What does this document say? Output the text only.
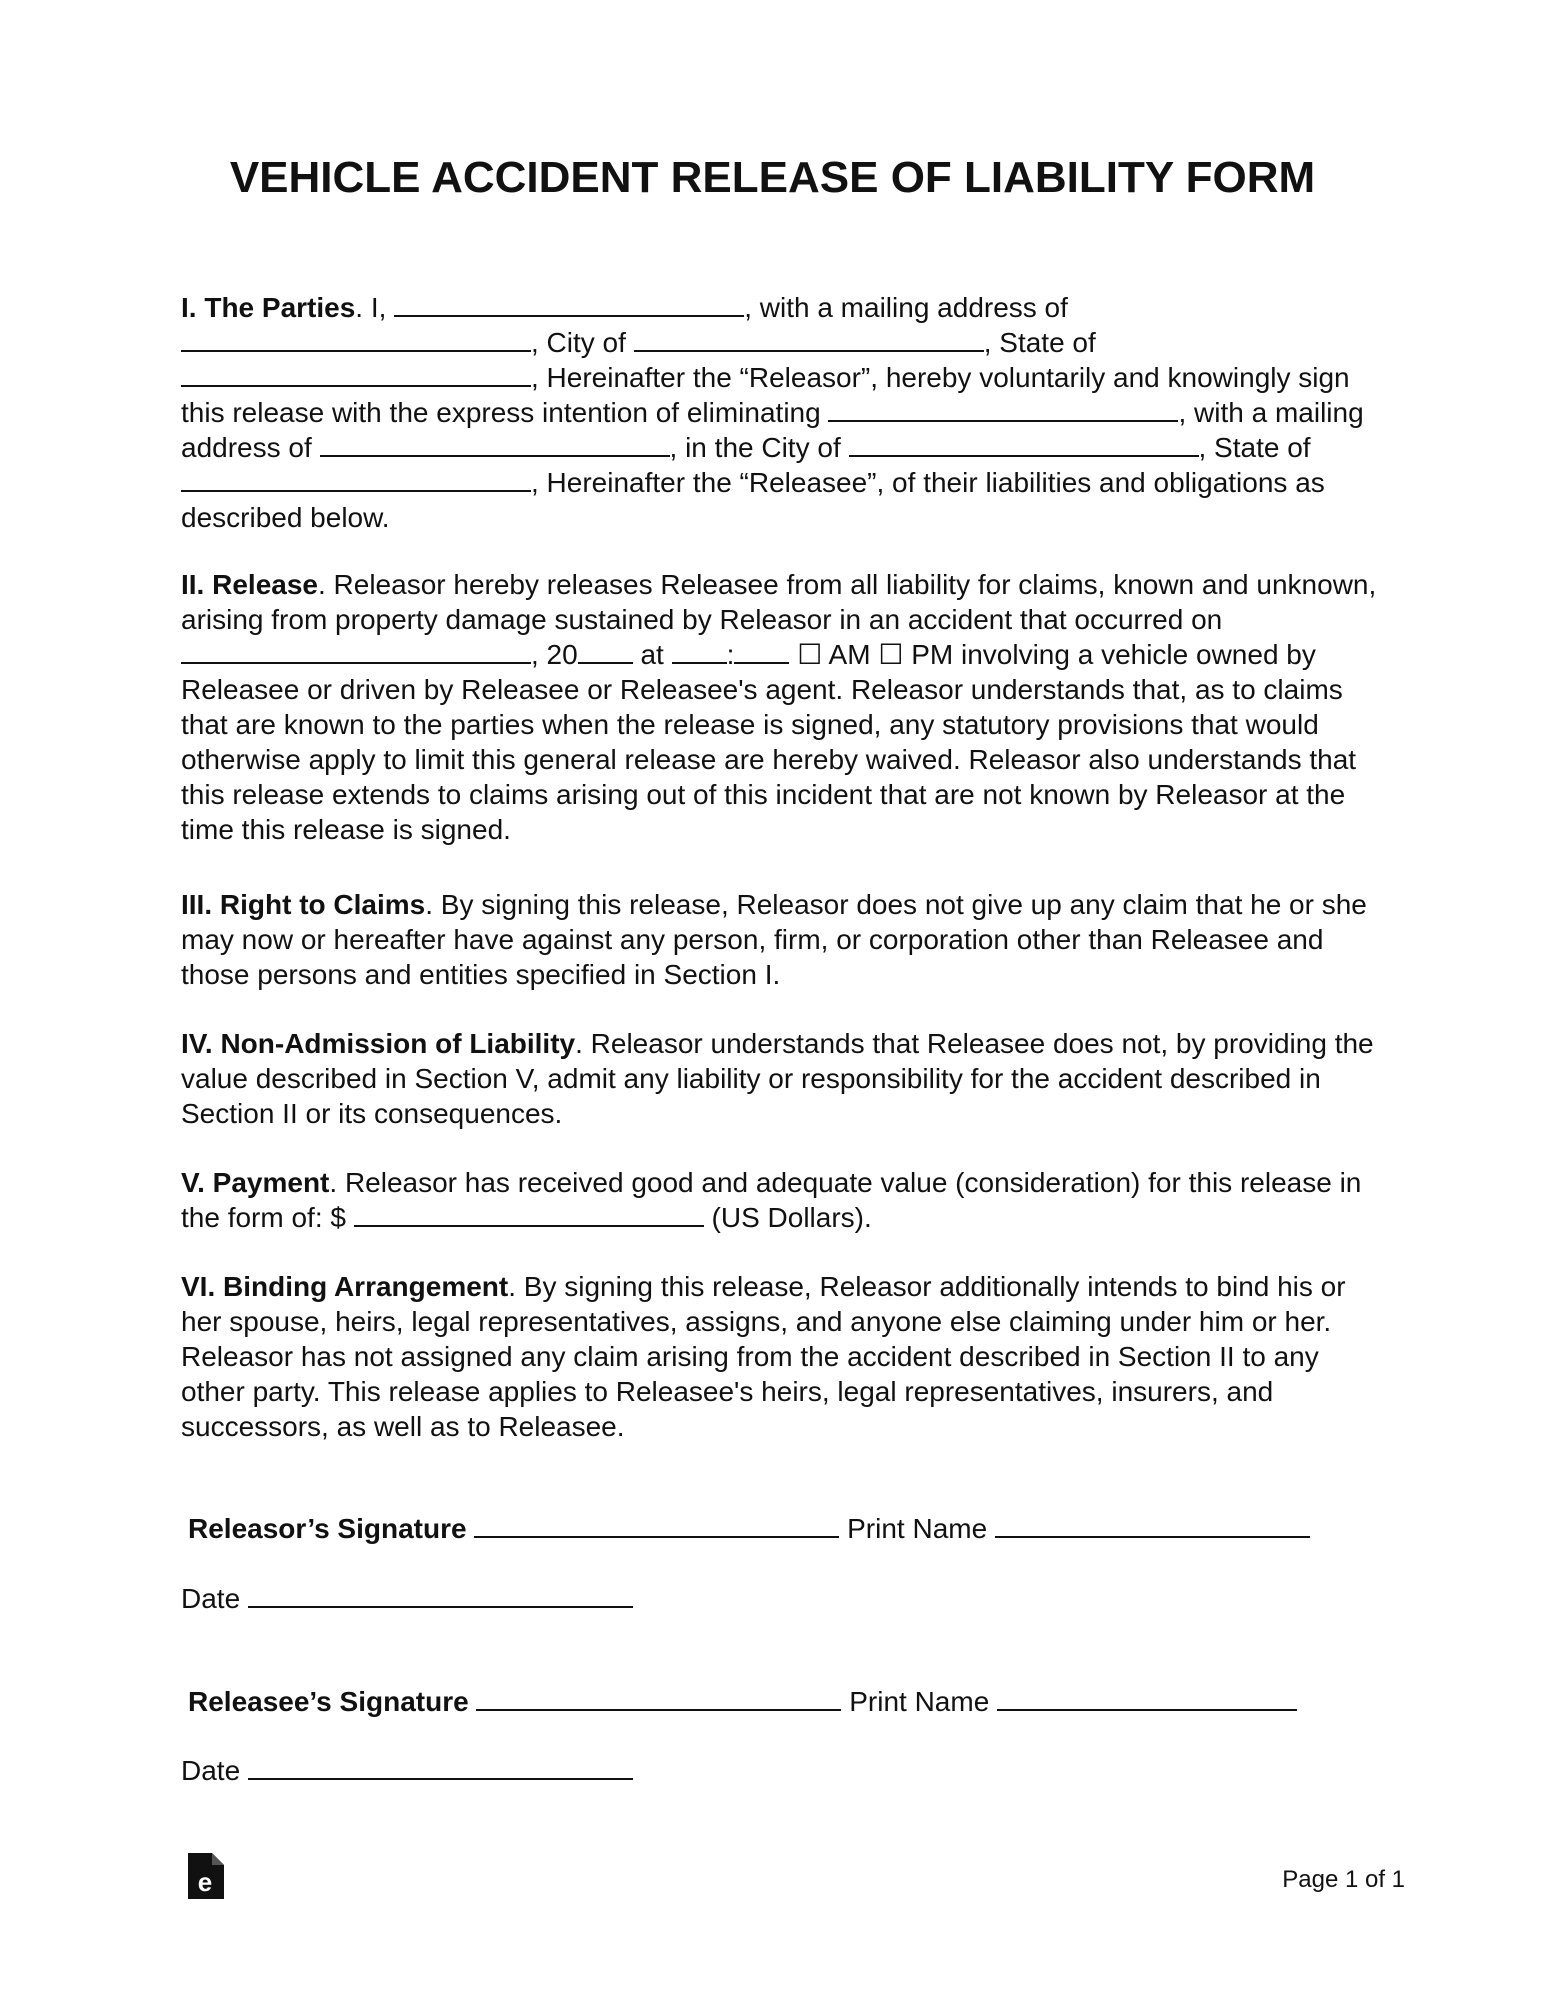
VEHICLE ACCIDENT RELEASE OF LIABILITY FORM

I. The Parties. I,	, with a mailing address of , City of	, State of , Hereinafter the “Releasor”, hereby voluntarily and knowingly sign this release with the express intention of eliminating	, with a mailing address of	, in the City of	, State of , Hereinafter the “Releasee”, of their liabilities and obligations as described below.

II. Release. Releasor hereby releases Releasee from all liability for claims, known and unknown, arising from property damage sustained by Releasor in an accident that occurred on , 20 at : ☐ AM ☐ PM involving a vehicle owned by Releasee or driven by Releasee or Releasee's agent. Releasor understands that, as to claims that are known to the parties when the release is signed, any statutory provisions that would otherwise apply to limit this general release are hereby waived. Releasor also understands that this release extends to claims arising out of this incident that are not known by Releasor at the time this release is signed.

III. Right to Claims. By signing this release, Releasor does not give up any claim that he or she may now or hereafter have against any person, firm, or corporation other than Releasee and those persons and entities specified in Section I.

IV. Non-Admission of Liability. Releasor understands that Releasee does not, by providing the value described in Section V, admit any liability or responsibility for the accident described in Section II or its consequences.

V. Payment. Releasor has received good and adequate value (consideration) for this release in the form of: $	(US Dollars).

VI. Binding Arrangement. By signing this release, Releasor additionally intends to bind his or her spouse, heirs, legal representatives, assigns, and anyone else claiming under him or her. Releasor has not assigned any claim arising from the accident described in Section II to any other party. This release applies to Releasee's heirs, legal representatives, insurers, and successors, as well as to Releasee.

Releasor’s Signature	Print Name
Date
Releasee’s Signature	Print Name
Date
e	Page 1 of 1
